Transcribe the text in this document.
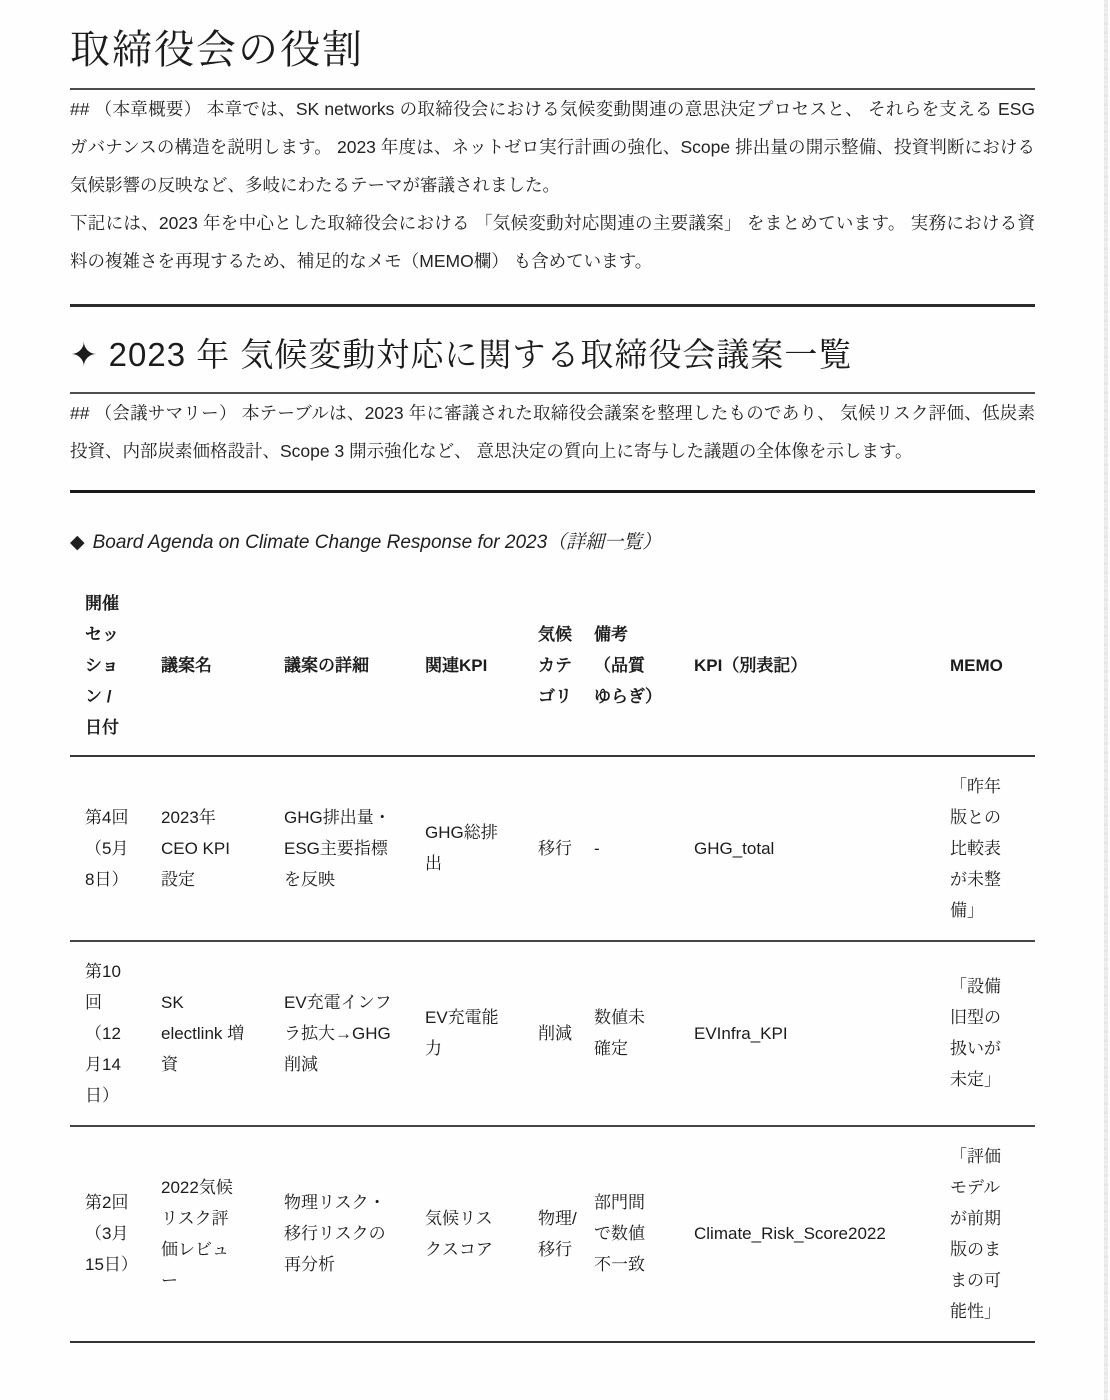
取締役会の役割

## （本章概要） 本章では、SK networks の取締役会における気候変動関連の意思決定プロセスと、 それらを支える ESG ガバナンスの構造を説明します。 2023 年度は、ネットゼロ実行計画の強化、Scope 排出量の開示整備、投資判断における 気候影響の反映など、多岐にわたるテーマが審議されました。

下記には、2023 年を中心とした取締役会における 「気候変動対応関連の主要議案」 をまとめています。 実務における資料の複雑さを再現するため、補足的なメモ（MEMO欄） も含めています。

✦ 2023 年 気候変動対応に関する取締役会議案一覧

## （会議サマリー） 本テーブルは、2023 年に審議された取締役会議案を整理したものであり、 気候リスク評価、低炭素投資、内部炭素価格設計、Scope 3 開示強化など、 意思決定の質向上に寄与した議題の全体像を示します。

◆ Board Agenda on Climate Change Response for 2023（詳細一覧）
開催セッション / 日付	議案名	議案の詳細	関連KPI	気候カテゴリ	備考（品質ゆらぎ）	KPI（別表記）	MEMO
第4回（5月8日）	2023年 CEO KPI 設定	GHG排出量・ESG主要指標を反映	GHG総排出	移行	-	GHG_total	「昨年版との比較表が未整備」
第10回（12月14日）	SK electlink 増資	EV充電インフラ拡大→GHG削減	EV充電能力	削減	数値未確定	EVInfra_KPI	「設備旧型の扱いが未定」
第2回（3月15日）	2022気候リスク評価レビュー	物理リスク・移行リスクの再分析	気候リスクスコア	物理/移行	部門間で数値不一致	Climate_Risk_Score2022	「評価モデルが前期版のままの可能性」
